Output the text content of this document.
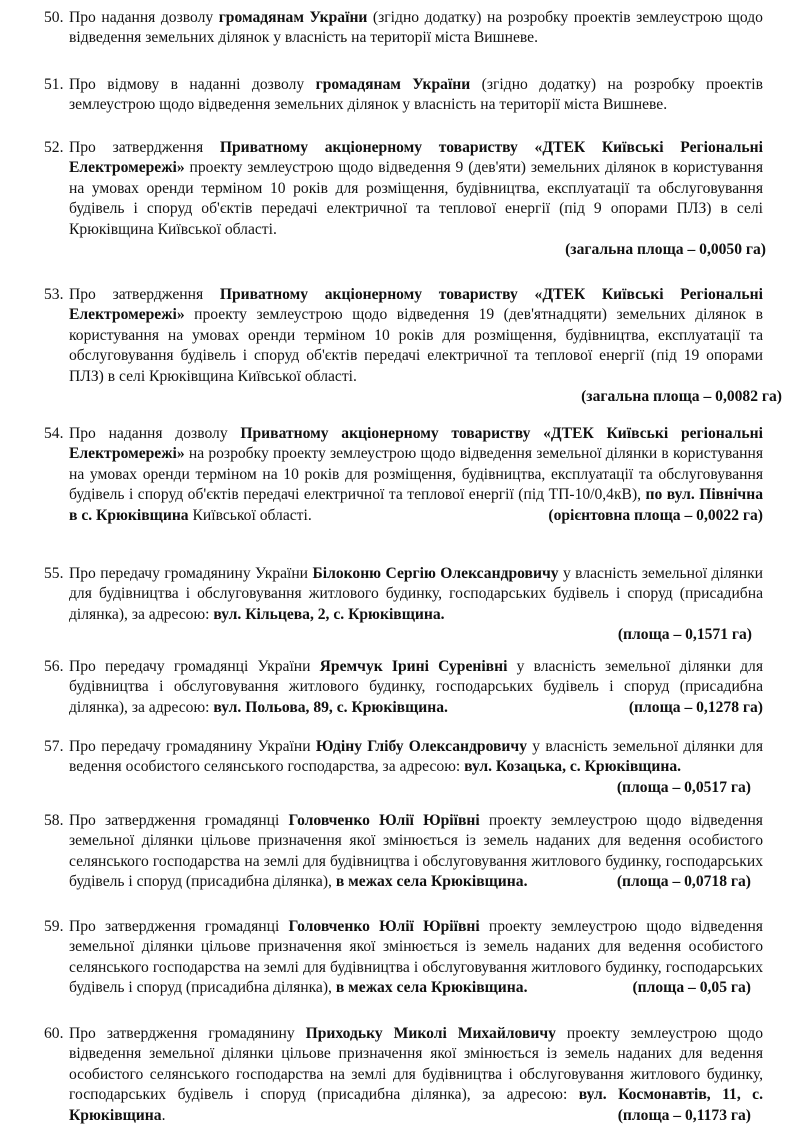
50. Про надання дозволу громадянам України (згідно додатку) на розробку проектів землеустрою щодо відведення земельних ділянок у власність на території міста Вишневе.
51. Про відмову в наданні дозволу громадянам України (згідно додатку) на розробку проектів землеустрою щодо відведення земельних ділянок у власність на території міста Вишневе.
52. Про затвердження Приватному акціонерному товариству «ДТЕК Київські Регіональні Електромережі» проекту землеустрою щодо відведення 9 (дев'яти) земельних ділянок в користування на умовах оренди терміном 10 років для розміщення, будівництва, експлуатації та обслуговування будівель і споруд об'єктів передачі електричної та теплової енергії (під 9 опорами ПЛЗ) в селі Крюківщина Київської області.
(загальна площа – 0,0050 га)
53. Про затвердження Приватному акціонерному товариству «ДТЕК Київські Регіональні Електромережі» проекту землеустрою щодо відведення 19 (дев'ятнадцяти) земельних ділянок в користування на умовах оренди терміном 10 років для розміщення, будівництва, експлуатації та обслуговування будівель і споруд об'єктів передачі електричної та теплової енергії (під 19 опорами ПЛЗ) в селі Крюківщина Київської області.
(загальна площа – 0,0082 га)
54. Про надання дозволу Приватному акціонерному товариству «ДТЕК Київські регіональні Електромережі» на розробку проекту землеустрою щодо відведення земельної ділянки в користування на умовах оренди терміном на 10 років для розміщення, будівництва, експлуатації та обслуговування будівель і споруд об'єктів передачі електричної та теплової енергії (під ТП-10/0,4кВ), по вул. Північна в с. Крюківщина Київської області.	(орієнтовна площа – 0,0022 га)
55. Про передачу громадянину України Білоконю Сергію Олександровичу у власність земельної ділянки для будівництва і обслуговування житлового будинку, господарських будівель і споруд (присадибна ділянка), за адресою: вул. Кільцева, 2, с. Крюківщина.
(площа – 0,1571 га)
56. Про передачу громадянці України Яремчук Ірині Суренівні у власність земельної ділянки для будівництва і обслуговування житлового будинку, господарських будівель і споруд (присадибна ділянка), за адресою: вул. Польова, 89, с. Крюківщина.	(площа – 0,1278 га)
57. Про передачу громадянину України Юдіну Глібу Олександровичу у власність земельної ділянки для ведення особистого селянського господарства, за адресою: вул. Козацька, с. Крюківщина.
(площа – 0,0517 га)
58. Про затвердження громадянці Головченко Юлії Юріївні проекту землеустрою щодо відведення земельної ділянки цільове призначення якої змінюється із земель наданих для ведення особистого селянського господарства на землі для будівництва і обслуговування житлового будинку, господарських будівель і споруд (присадибна ділянка), в межах села Крюківщина.	(площа – 0,0718 га)
59. Про затвердження громадянці Головченко Юлії Юріївні проекту землеустрою щодо відведення земельної ділянки цільове призначення якої змінюється із земель наданих для ведення особистого селянського господарства на землі для будівництва і обслуговування житлового будинку, господарських будівель і споруд (присадибна ділянка), в межах села Крюківщина.	(площа – 0,05 га)
60. Про затвердження громадянину Приходьку Миколі Михайловичу проекту землеустрою щодо відведення земельної ділянки цільове призначення якої змінюється із земель наданих для ведення особистого селянського господарства на землі для будівництва і обслуговування житлового будинку, господарських будівель і споруд (присадибна ділянка), за адресою: вул. Космонавтів, 11, с. Крюківщина.	(площа – 0,1173 га)
